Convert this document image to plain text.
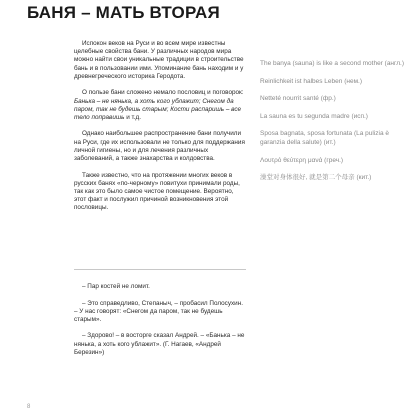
БАНЯ – МАТЬ ВТОРАЯ

Испокон веков на Руси и во всем мире известны целебные свойства бани. У различных народов мира можно найти свои уникальные традиции в строительстве бань и в пользовании ими. Упоминание бань находим и у древнегреческого историка Геродота.

О пользе бани сложено немало пословиц и поговорок: Банька – не нянька, а хоть кого ублажит; Снегом да паром, так не будешь старым; Кости распаришь – все тело поправишь и т.д.

Однако наибольшее распространение бани получили на Руси, где их использовали не только для поддержания личной гигиены, но и для лечения различных заболеваний, а также знахарства и колдовства.

Также известно, что на протяжении многих веков в русских банях «по-черному» повитухи принимали роды, так как это было самое чистое помещение. Вероятно, этот факт и послужил причиной возникновения этой пословицы.

The banya (sauna) is like a second mother (англ.)

Reinlichkeit ist halbes Leben (нем.)

Netteté nourrit santé (фр.)

La sauna es tu segunda madre (исп.)

Sposa bagnata, sposa fortunata (La pulizia è garanzia della salute) (ит.)

Λουτρό θεύτερη μανά (греч.)

澡堂对身体很好, 就是第二个母亲 (кит.)

– Пар костей не ломит.

– Это справедливо, Степаныч, – пробасил Полосухин. – У нас говорят: «Снегом да паром, так не будешь старым».

– Здорово! – в восторге сказал Андрей. – «Банька – не нянька, а хоть кого ублажит». (Г. Нагаев, «Андрей Березин»)

8
